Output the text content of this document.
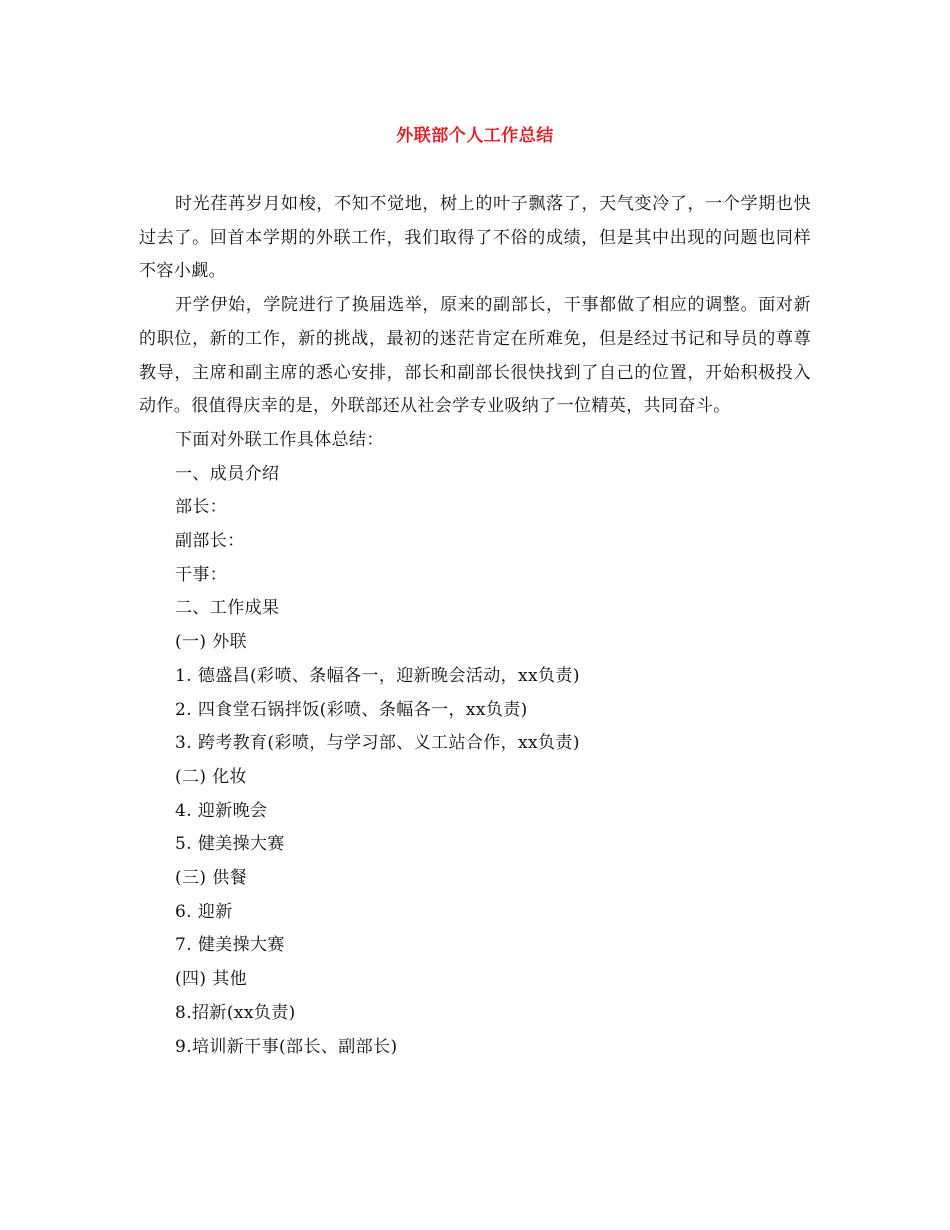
外联部个人工作总结

时光荏苒岁月如梭，不知不觉地，树上的叶子飘落了，天气变冷了，一个学期也快过去了。回首本学期的外联工作，我们取得了不俗的成绩，但是其中出现的问题也同样不容小觑。

开学伊始，学院进行了换届选举，原来的副部长，干事都做了相应的调整。面对新的职位，新的工作，新的挑战，最初的迷茫肯定在所难免，但是经过书记和导员的尊尊教导，主席和副主席的悉心安排，部长和副部长很快找到了自己的位置，开始积极投入动作。很值得庆幸的是，外联部还从社会学专业吸纳了一位精英，共同奋斗。

下面对外联工作具体总结：

一、成员介绍

部长：

副部长：

干事：

二、工作成果

(一) 外联

1. 德盛昌(彩喷、条幅各一，迎新晚会活动，xx负责)

2. 四食堂石锅拌饭(彩喷、条幅各一，xx负责)

3. 跨考教育(彩喷，与学习部、义工站合作，xx负责)

(二) 化妆

4. 迎新晚会

5. 健美操大赛

(三) 供餐

6. 迎新

7. 健美操大赛

(四) 其他

8.招新(xx负责)

9.培训新干事(部长、副部长)
